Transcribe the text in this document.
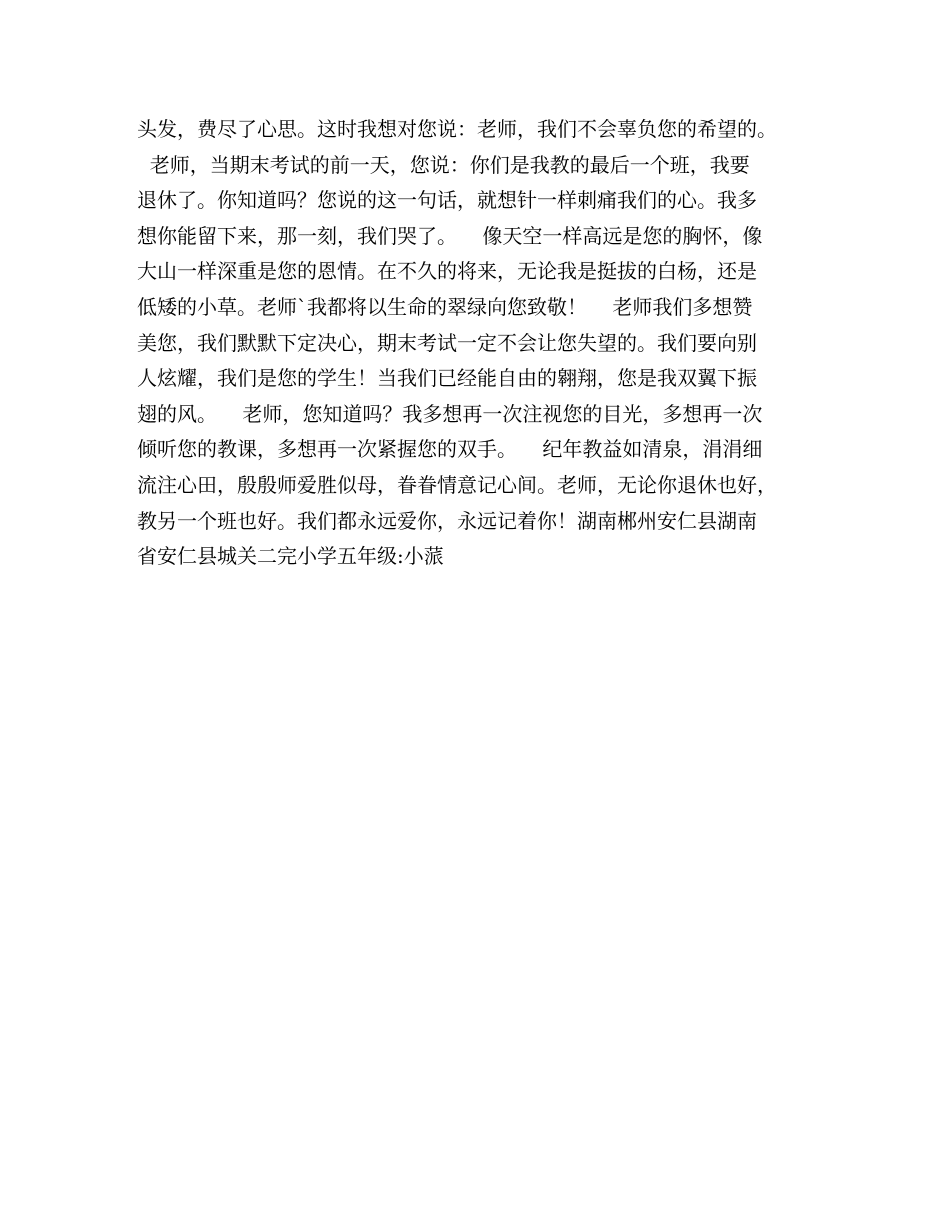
头发，费尽了心思。这时我想对您说：老师，我们不会辜负您的希望的。
老师，当期末考试的前一天，您说：你们是我教的最后一个班，我要
退休了。你知道吗？您说的这一句话，就想针一样刺痛我们的心。我多
想你能留下来，那一刻，我们哭了。    像天空一样高远是您的胸怀，像
大山一样深重是您的恩情。在不久的将来，无论我是挺拔的白杨，还是
低矮的小草。老师`我都将以生命的翠绿向您致敬！    老师我们多想赞
美您，我们默默下定决心，期末考试一定不会让您失望的。我们要向别
人炫耀，我们是您的学生！当我们已经能自由的翱翔，您是我双翼下振
翅的风。    老师，您知道吗？我多想再一次注视您的目光，多想再一次
倾听您的教课，多想再一次紧握您的双手。    纪年教益如清泉，涓涓细
流注心田，殷殷师爱胜似母，眷眷情意记心间。老师，无论你退休也好，
教另一个班也好。我们都永远爱你，永远记着你！湖南郴州安仁县湖南
省安仁县城关二完小学五年级:小蒎
